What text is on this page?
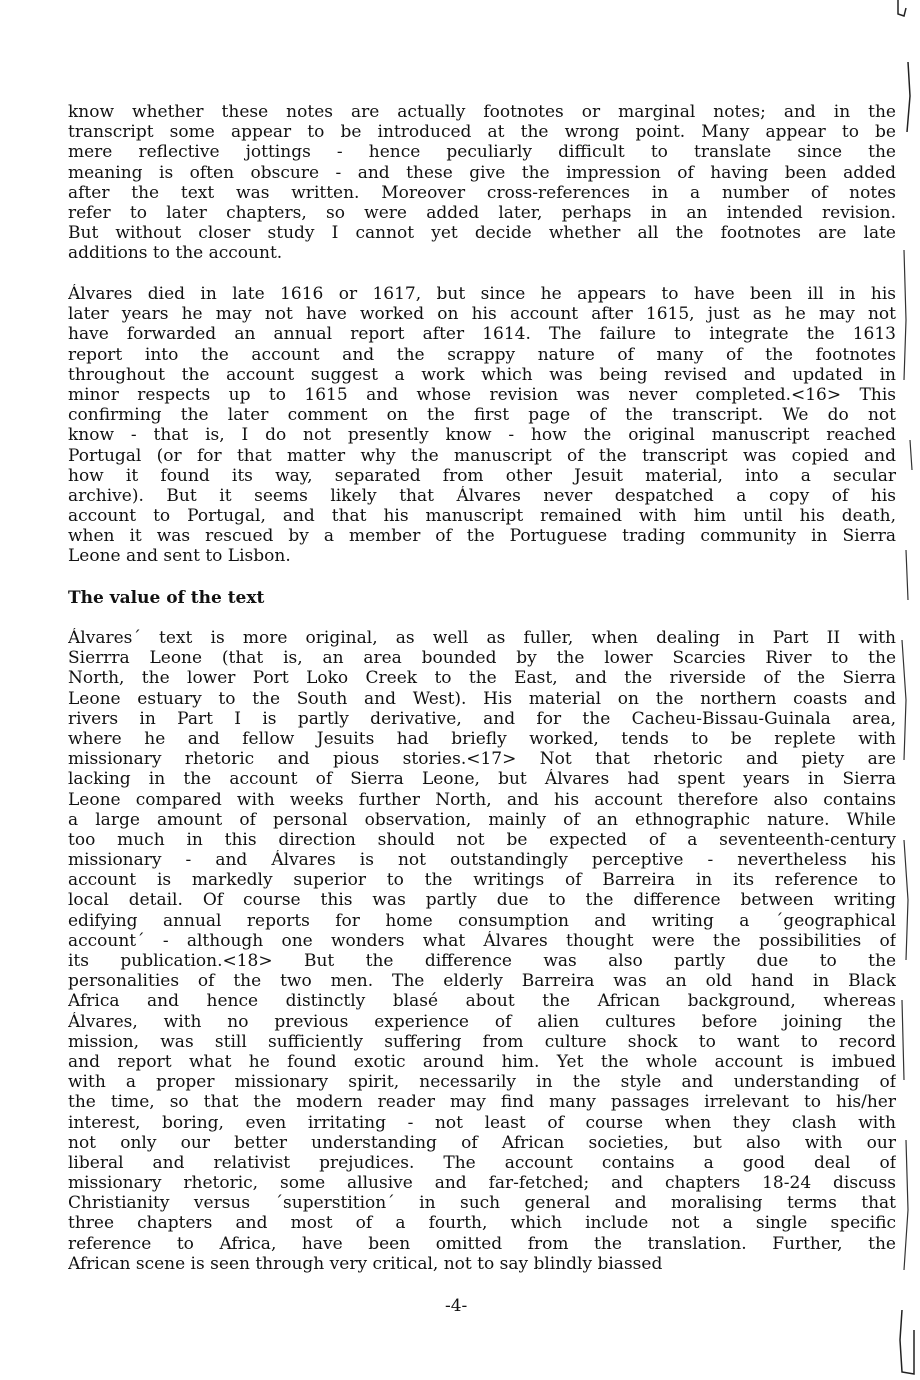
know whether these notes are actually footnotes or marginal notes; and in the
transcript some appear to be introduced at the wrong point. Many appear to be
mere reflective jottings - hence peculiarly difficult to translate since the
meaning is often obscure - and these give the impression of having been added
after the text was written. Moreover cross-references in a number of notes
refer to later chapters, so were added later, perhaps in an intended revision.
But without closer study I cannot yet decide whether all the footnotes are late
additions to the account.
Álvares died in late 1616 or 1617, but since he appears to have been ill in his
later years he may not have worked on his account after 1615, just as he may not
have forwarded an annual report after 1614. The failure to integrate the 1613
report into the account and the scrappy nature of many of the footnotes
throughout the account suggest a work which was being revised and updated in
minor respects up to 1615 and whose revision was never completed.<16> This
confirming the later comment on the first page of the transcript. We do not
know - that is, I do not presently know - how the original manuscript reached
Portugal (or for that matter why the manuscript of the transcript was copied and
how it found its way, separated from other Jesuit material, into a secular
archive). But it seems likely that Álvares never despatched a copy of his
account to Portugal, and that his manuscript remained with him until his death,
when it was rescued by a member of the Portuguese trading community in Sierra
Leone and sent to Lisbon.
The value of the text
Álvares´ text is more original, as well as fuller, when dealing in Part II with
Sierrra Leone (that is, an area bounded by the lower Scarcies River to the
North, the lower Port Loko Creek to the East, and the riverside of the Sierra
Leone estuary to the South and West). His material on the northern coasts and
rivers in Part I is partly derivative, and for the Cacheu-Bissau-Guinala area,
where he and fellow Jesuits had briefly worked, tends to be replete with
missionary rhetoric and pious stories.<17> Not that rhetoric and piety are
lacking in the account of Sierra Leone, but Álvares had spent years in Sierra
Leone compared with weeks further North, and his account therefore also contains
a large amount of personal observation, mainly of an ethnographic nature. While
too much in this direction should not be expected of a seventeenth-century
missionary - and Álvares is not outstandingly perceptive - nevertheless his
account is markedly superior to the writings of Barreira in its reference to
local detail. Of course this was partly due to the difference between writing
edifying annual reports for home consumption and writing a ´geographical
account´ - although one wonders what Álvares thought were the possibilities of
its publication.<18> But the difference was also partly due to the
personalities of the two men. The elderly Barreira was an old hand in Black
Africa and hence distinctly blasé about the African background, whereas
Álvares, with no previous experience of alien cultures before joining the
mission, was still sufficiently suffering from culture shock to want to record
and report what he found exotic around him. Yet the whole account is imbued
with a proper missionary spirit, necessarily in the style and understanding of
the time, so that the modern reader may find many passages irrelevant to his/her
interest, boring, even irritating - not least of course when they clash with
not only our better understanding of African societies, but also with our
liberal and relativist prejudices. The account contains a good deal of
missionary rhetoric, some allusive and far-fetched; and chapters 18-24 discuss
Christianity versus ´superstition´ in such general and moralising terms that
three chapters and most of a fourth, which include not a single specific
reference to Africa, have been omitted from the translation. Further, the
African scene is seen through very critical, not to say blindly biassed
-4-
